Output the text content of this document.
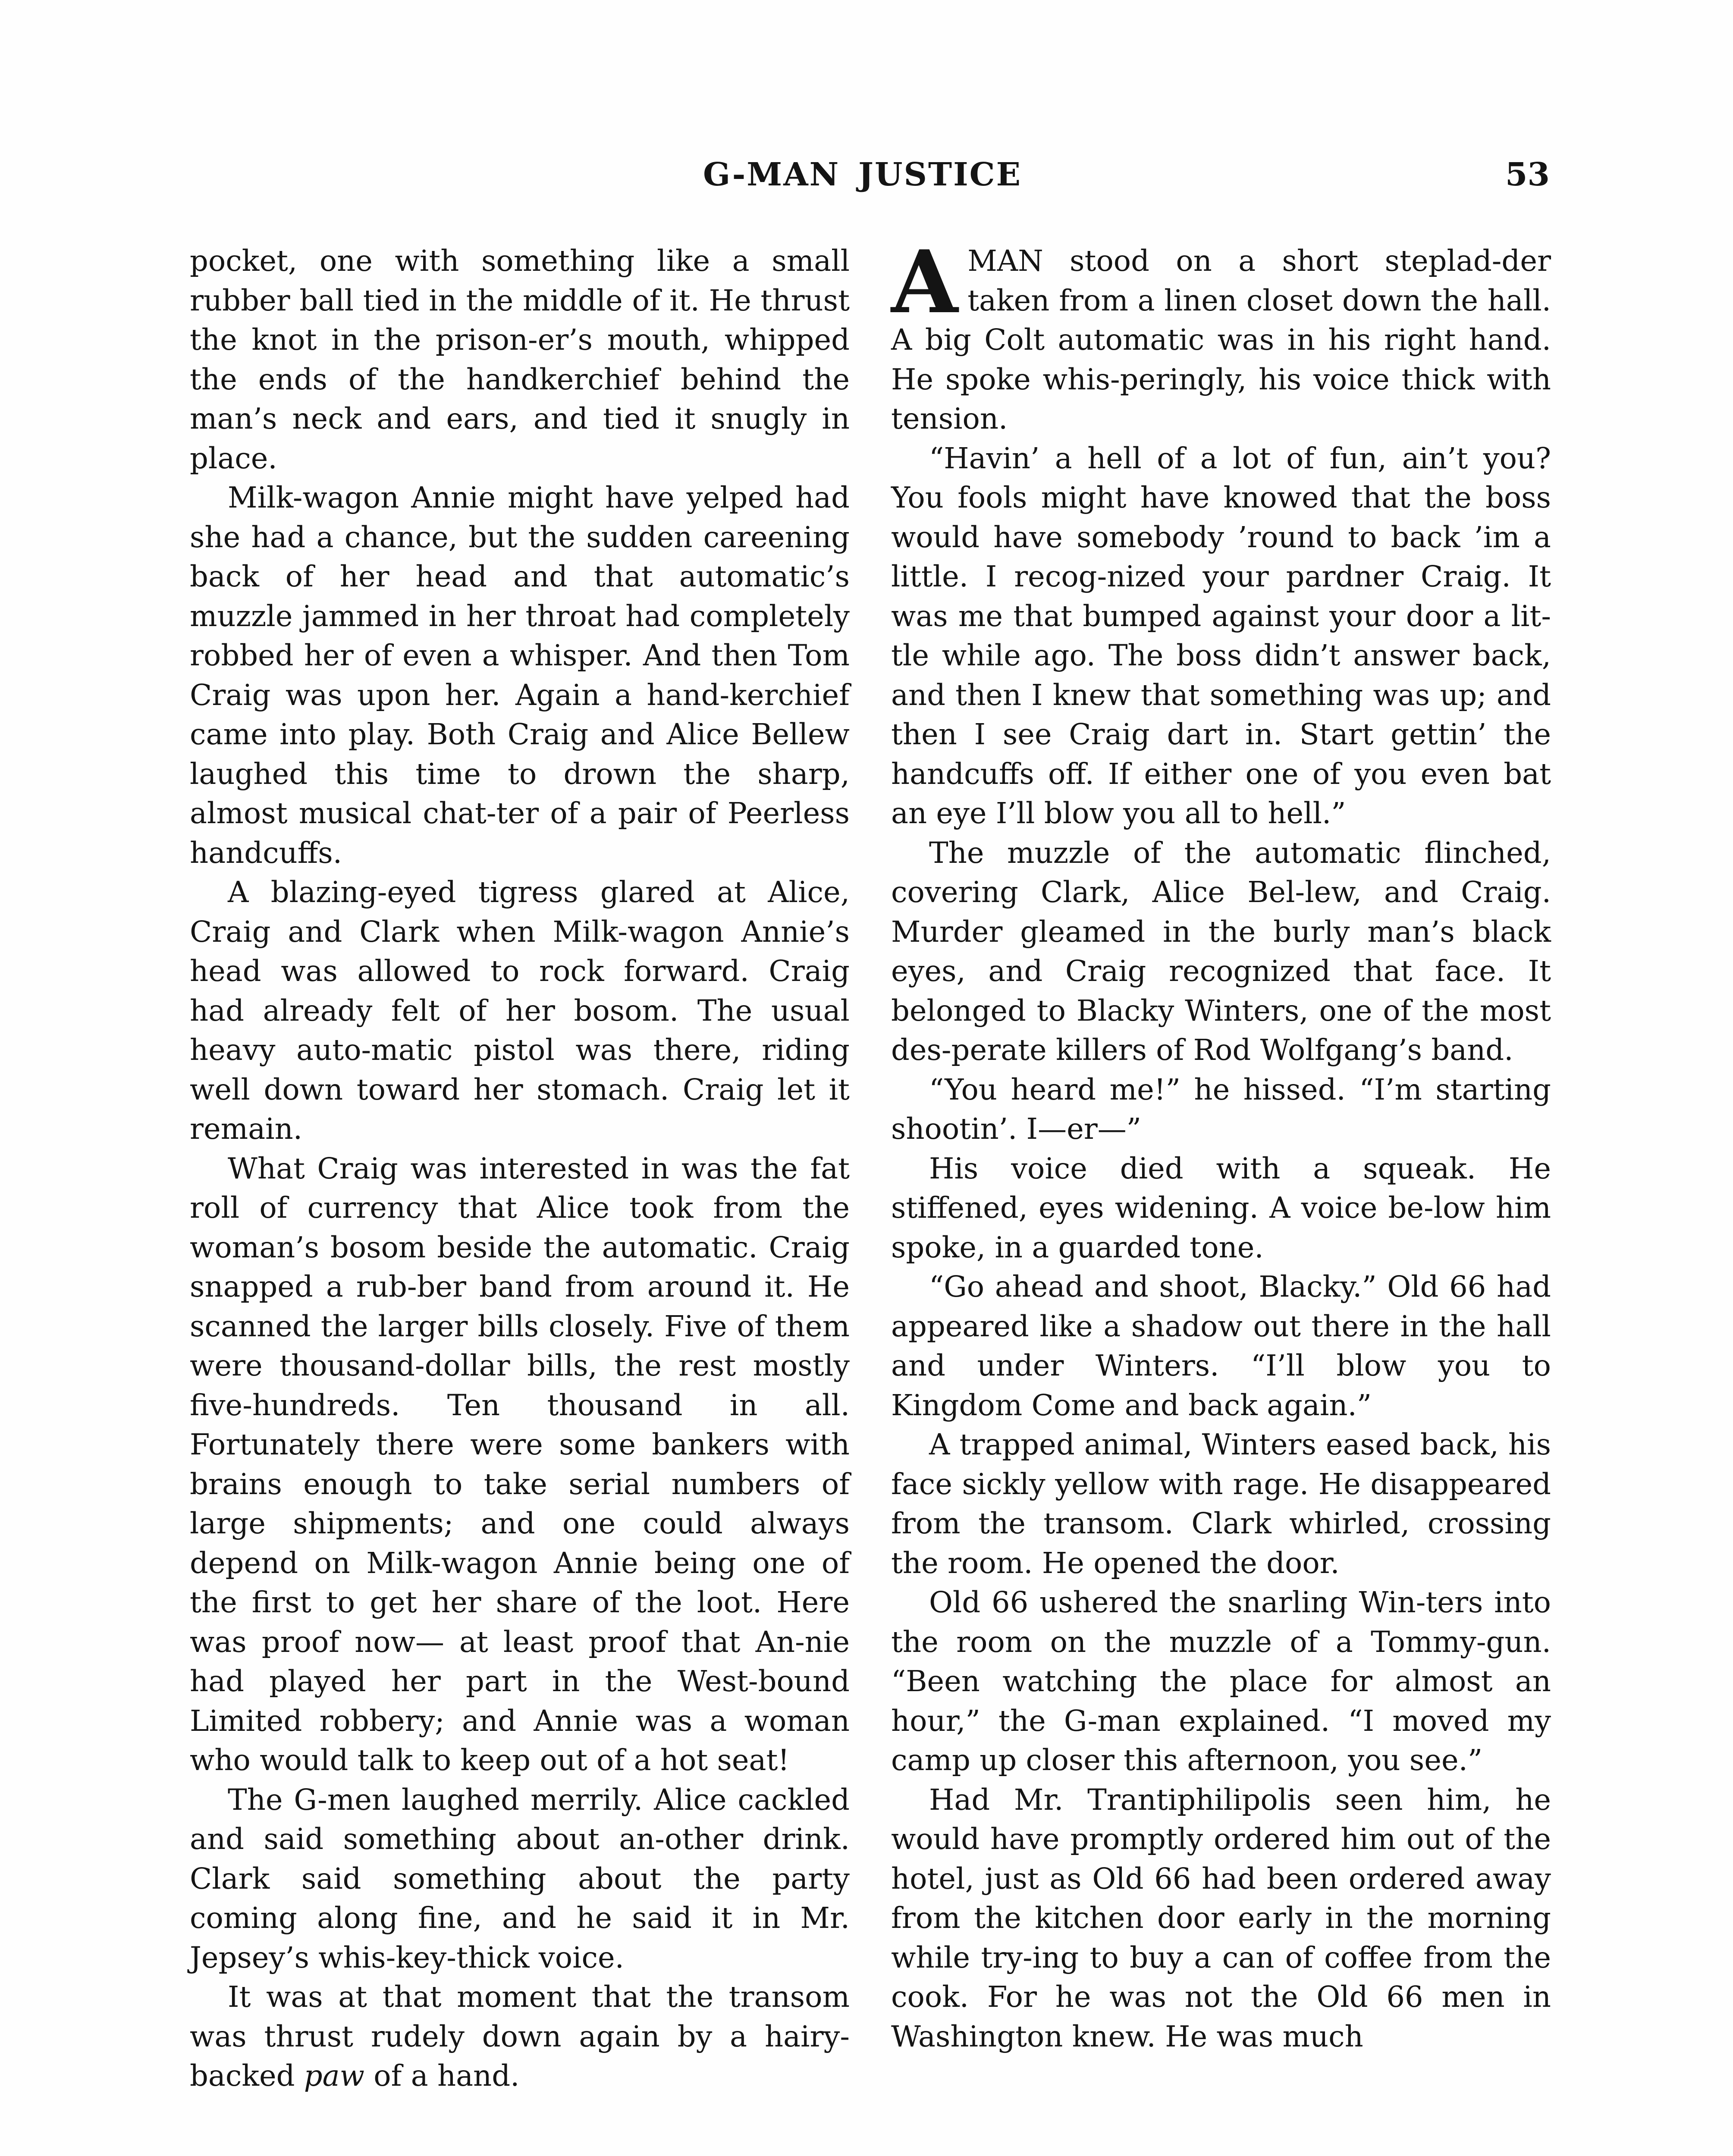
G-MAN JUSTICE	53

pocket, one with something like a small rubber ball tied in the middle of it. He thrust the knot in the prison-er’s mouth, whipped the ends of the handkerchief behind the man’s neck and ears, and tied it snugly in place.

Milk-wagon Annie might have yelped had she had a chance, but the sudden careening back of her head and that automatic’s muzzle jammed in her throat had completely robbed her of even a whisper. And then Tom Craig was upon her. Again a hand-kerchief came into play. Both Craig and Alice Bellew laughed this time to drown the sharp, almost musical chat-ter of a pair of Peerless handcuffs.

A blazing-eyed tigress glared at Alice, Craig and Clark when Milk-wagon Annie’s head was allowed to rock forward. Craig had already felt of her bosom. The usual heavy auto-matic pistol was there, riding well down toward her stomach. Craig let it remain.

What Craig was interested in was the fat roll of currency that Alice took from the woman’s bosom beside the automatic. Craig snapped a rub-ber band from around it. He scanned the larger bills closely. Five of them were thousand-dollar bills, the rest mostly five-hundreds. Ten thousand in all. Fortunately there were some bankers with brains enough to take serial numbers of large shipments; and one could always depend on Milk-wagon Annie being one of the first to get her share of the loot. Here was proof now— at least proof that An-nie had played her part in the West-bound Limited robbery; and Annie was a woman who would talk to keep out of a hot seat!

The G-men laughed merrily. Alice cackled and said something about an-other drink. Clark said something about the party coming along fine, and he said it in Mr. Jepsey’s whis-key-thick voice.

It was at that moment that the transom was thrust rudely down again by a hairy-backed paw of a hand.

AMAN stood on a short steplad-der taken from a linen closet down the hall. A big Colt automatic was in his right hand. He spoke whis-peringly, his voice thick with tension.

“Havin’ a hell of a lot of fun, ain’t you? You fools might have knowed that the boss would have somebody ’round to back ’im a little. I recog-nized your pardner Craig. It was me that bumped against your door a lit-tle while ago. The boss didn’t answer back, and then I knew that something was up; and then I see Craig dart in. Start gettin’ the handcuffs off. If either one of you even bat an eye I’ll blow you all to hell.”

The muzzle of the automatic flinched, covering Clark, Alice Bel-lew, and Craig. Murder gleamed in the burly man’s black eyes, and Craig recognized that face. It belonged to Blacky Winters, one of the most des-perate killers of Rod Wolfgang’s band.

“You heard me!” he hissed. “I’m starting shootin’. I—er—”

His voice died with a squeak. He stiffened, eyes widening. A voice be-low him spoke, in a guarded tone.

“Go ahead and shoot, Blacky.” Old 66 had appeared like a shadow out there in the hall and under Winters. “I’ll blow you to Kingdom Come and back again.”

A trapped animal, Winters eased back, his face sickly yellow with rage. He disappeared from the transom. Clark whirled, crossing the room. He opened the door.

Old 66 ushered the snarling Win-ters into the room on the muzzle of a Tommy-gun. “Been watching the place for almost an hour,” the G-man explained. “I moved my camp up closer this afternoon, you see.”

Had Mr. Trantiphilipolis seen him, he would have promptly ordered him out of the hotel, just as Old 66 had been ordered away from the kitchen door early in the morning while try-ing to buy a can of coffee from the cook. For he was not the Old 66 men in Washington knew. He was much
